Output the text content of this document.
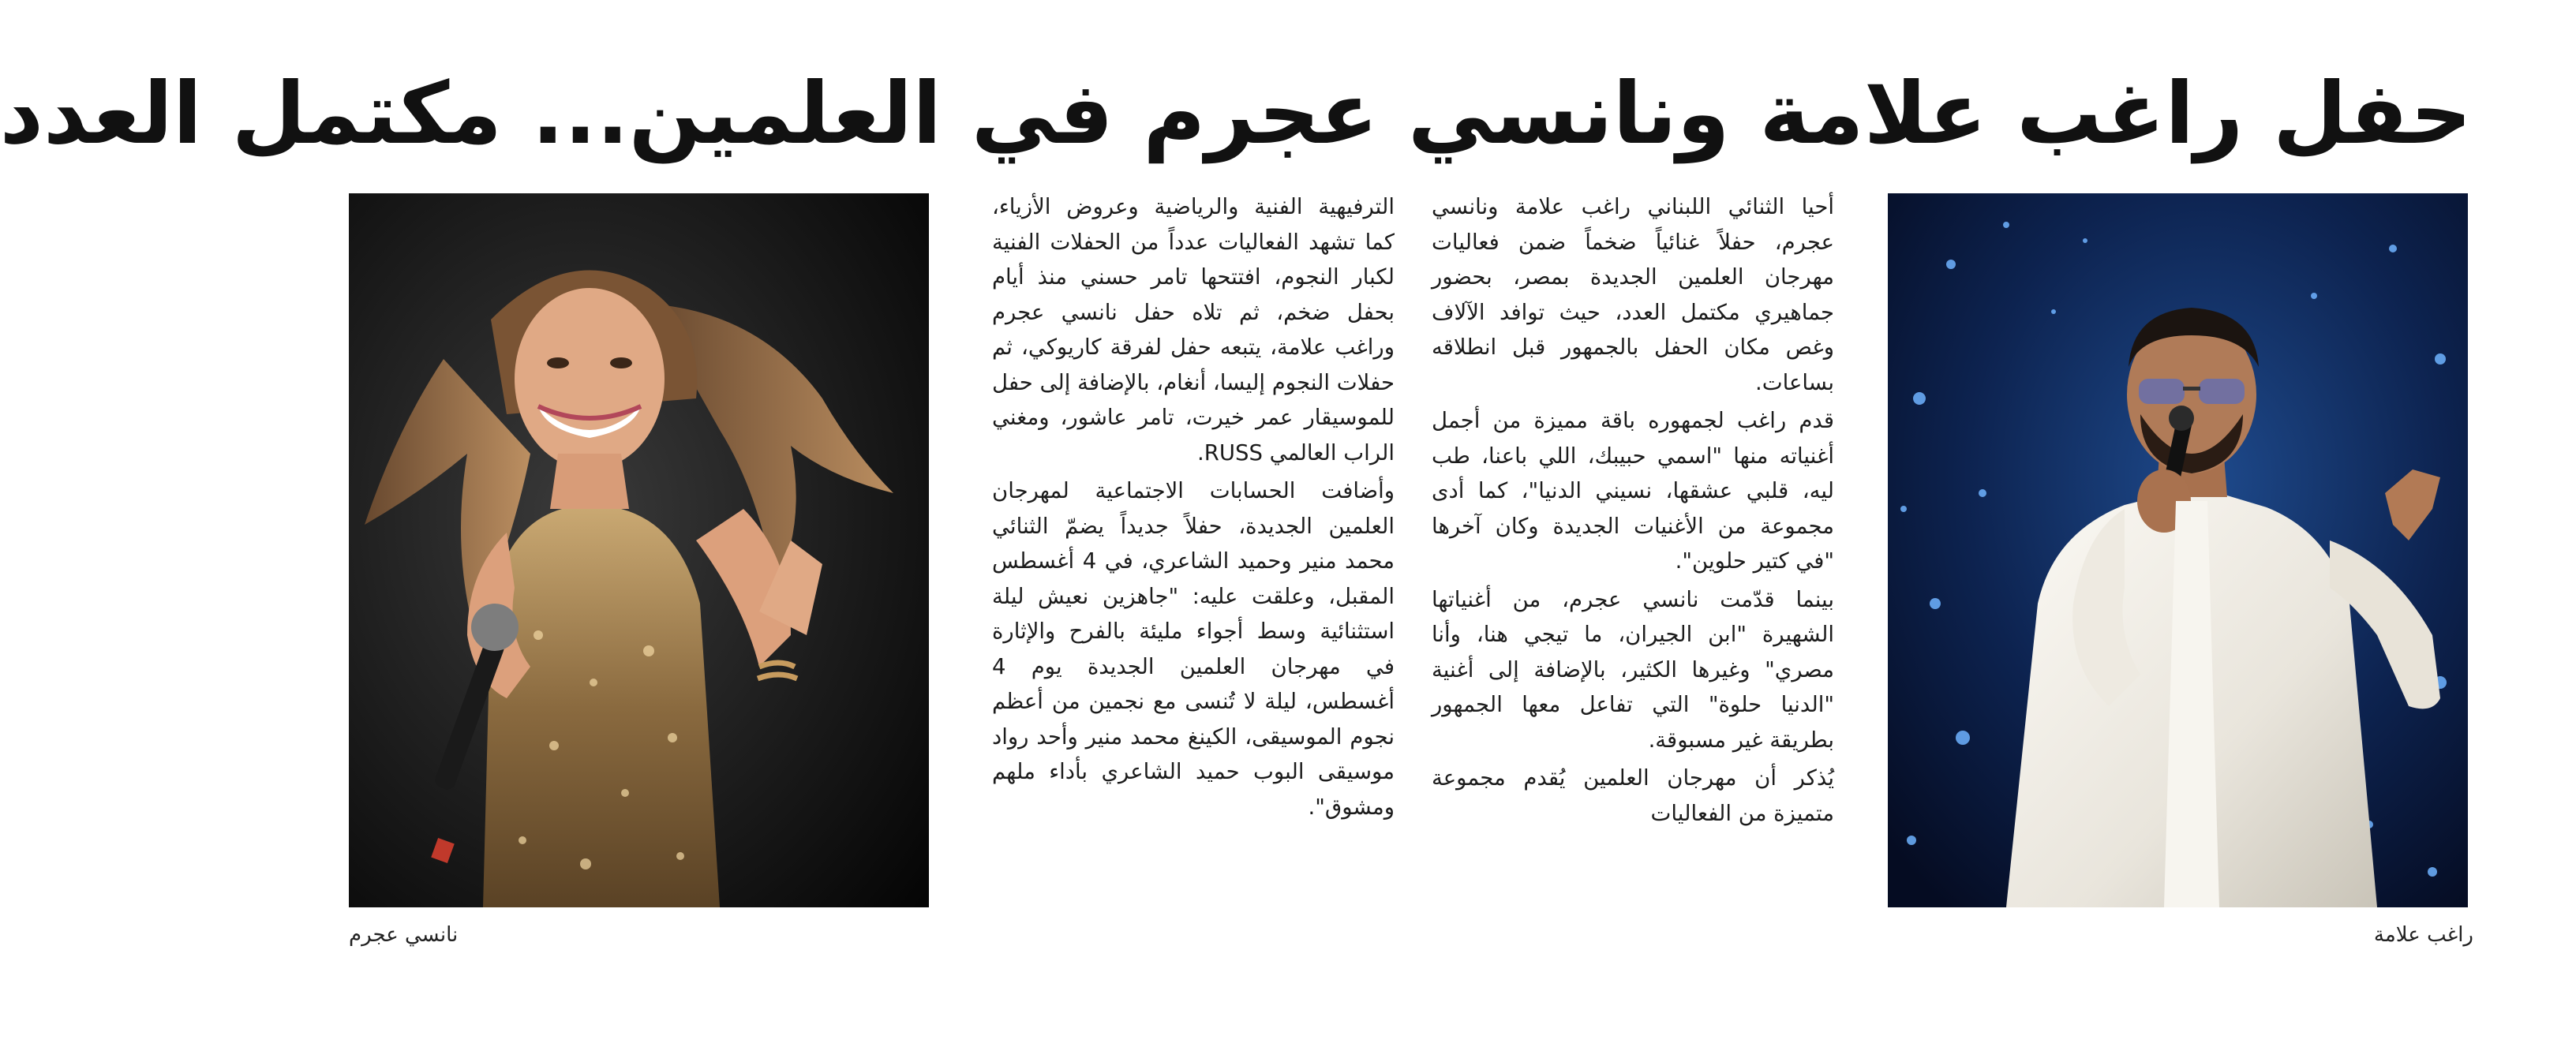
حفل راغب علامة ونانسي عجرم في العلمين... مكتمل العدد
راغب علامة

أحيا الثنائي اللبناني راغب علامة ونانسي عجرم، حفلاً غنائياً ضخماً ضمن فعاليات مهرجان العلمين الجديدة بمصر، بحضور جماهيري مكتمل العدد، حيث توافد الآلاف وغص مكان الحفل بالجمهور قبل انطلاقه بساعات.

قدم راغب لجمهوره باقة مميزة من أجمل أغنياته منها "اسمي حبيبك، اللي باعنا، طب ليه، قلبي عشقها، نسيني الدنيا"، كما أدى مجموعة من الأغنيات الجديدة وكان آخرها "في كتير حلوين".

بينما قدّمت نانسي عجرم، من أغنياتها الشهيرة "ابن الجيران، ما تيجي هنا، وأنا مصري" وغيرها الكثير، بالإضافة إلى أغنية "الدنيا حلوة" التي تفاعل معها الجمهور بطريقة غير مسبوقة.

يُذكر أن مهرجان العلمين يُقدم مجموعة متميزة من الفعاليات

الترفيهية الفنية والرياضية وعروض الأزياء، كما تشهد الفعاليات عدداً من الحفلات الفنية لكبار النجوم، افتتحها تامر حسني منذ أيام بحفل ضخم، ثم تلاه حفل نانسي عجرم وراغب علامة، يتبعه حفل لفرقة كاريوكي، ثم حفلات النجوم إليسا، أنغام، بالإضافة إلى حفل للموسيقار عمر خيرت، تامر عاشور، ومغني الراب العالمي RUSS.

وأضافت الحسابات الاجتماعية لمهرجان العلمين الجديدة، حفلاً جديداً يضمّ الثنائي محمد منير وحميد الشاعري، في 4 أغسطس المقبل، وعلقت عليه: "جاهزين نعيش ليلة استثنائية وسط أجواء مليئة بالفرح والإثارة في مهرجان العلمين الجديدة يوم 4 أغسطس، ليلة لا تُنسى مع نجمين من أعظم نجوم الموسيقى، الكينغ محمد منير وأحد رواد موسيقى البوب حميد الشاعري بأداء ملهم ومشوق".

نانسي عجرم
